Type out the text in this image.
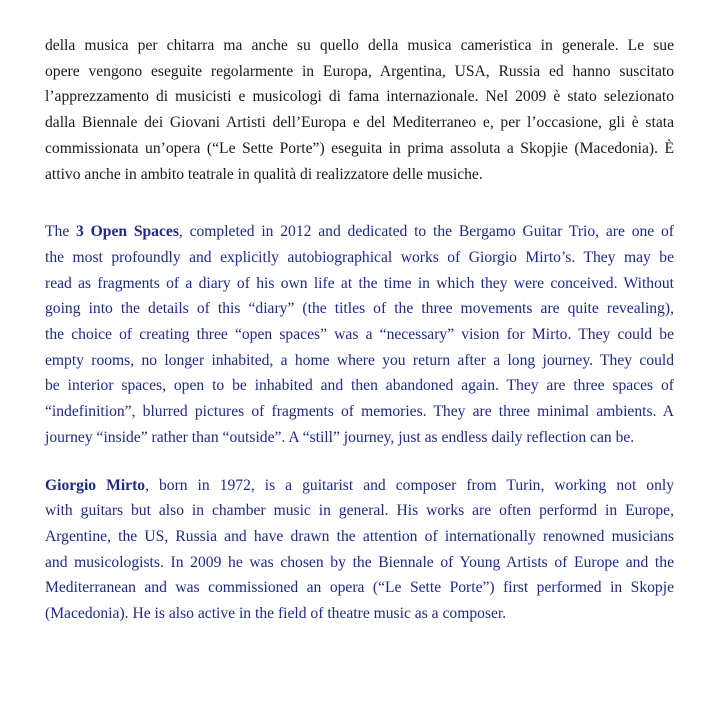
della musica per chitarra ma anche su quello della musica cameristica in generale. Le sue
opere vengono eseguite regolarmente in Europa, Argentina, USA, Russia ed hanno suscitato
l’apprezzamento di musicisti e musicologi di fama internazionale. Nel 2009 è stato selezionato
dalla Biennale dei Giovani Artisti dell’Europa e del Mediterraneo e, per l’occasione, gli è stata
commissionata un’opera (“Le Sette Porte”) eseguita in prima assoluta a Skopjie (Macedonia). È
attivo anche in ambito teatrale in qualità di realizzatore delle musiche.
The 3 Open Spaces, completed in 2012 and dedicated to the Bergamo Guitar Trio, are one of
the most profoundly and explicitly autobiographical works of Giorgio Mirto’s. They may be
read as fragments of a diary of his own life at the time in which they were conceived. Without
going into the details of this “diary” (the titles of the three movements are quite revealing),
the choice of creating three “open spaces” was a “necessary” vision for Mirto. They could be
empty rooms, no longer inhabited, a home where you return after a long journey. They could
be interior spaces, open to be inhabited and then abandoned again. They are three spaces of
“indefinition”, blurred pictures of fragments of memories. They are three minimal ambients. A
journey “inside” rather than “outside”. A “still” journey, just as endless daily reflection can be.
Giorgio Mirto, born in 1972, is a guitarist and composer from Turin, working not only
with guitars but also in chamber music in general. His works are often performd in Europe,
Argentine, the US, Russia and have drawn the attention of internationally renowned musicians
and musicologists. In 2009 he was chosen by the Biennale of Young Artists of Europe and the
Mediterranean and was commissioned an opera (“Le Sette Porte”) first performed in Skopje
(Macedonia). He is also active in the field of theatre music as a composer.
